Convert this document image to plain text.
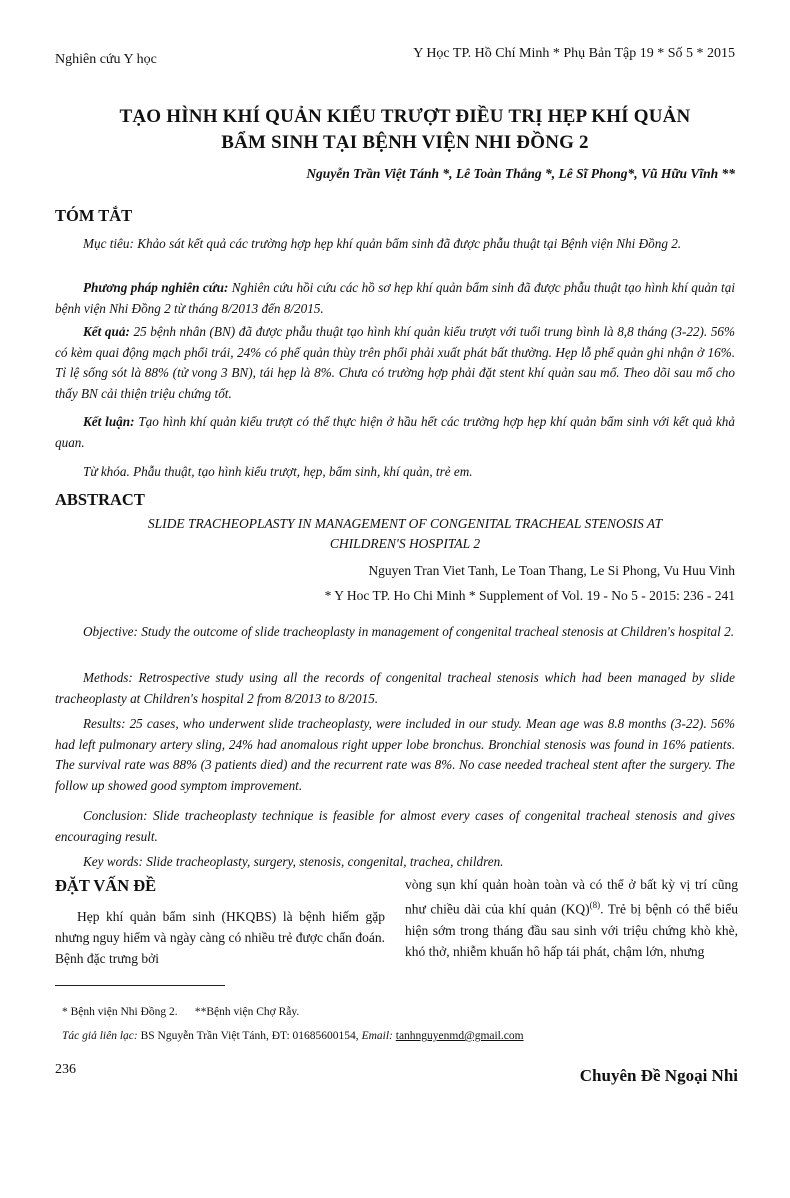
Nghiên cứu Y học	Y Học TP. Hồ Chí Minh * Phụ Bản Tập 19 * Số 5 * 2015
TẠO HÌNH KHÍ QUẢN KIỂU TRƯỢT ĐIỀU TRỊ HẸP KHÍ QUẢN
BẨM SINH TẠI BỆNH VIỆN NHI ĐỒNG 2
Nguyễn Trần Việt Tánh *, Lê Toàn Thắng *, Lê Sĩ Phong*, Vũ Hữu Vĩnh **
TÓM TẮT
Mục tiêu: Khảo sát kết quả các trường hợp hẹp khí quản bẩm sinh đã được phẫu thuật tại Bệnh viện Nhi Đồng 2.
Phương pháp nghiên cứu: Nghiên cứu hồi cứu các hồ sơ hẹp khí quản bẩm sinh đã được phẫu thuật tạo hình khí quản tại bệnh viện Nhi Đồng 2 từ tháng 8/2013 đến 8/2015.
Kết quả: 25 bệnh nhân (BN) đã được phẫu thuật tạo hình khí quản kiểu trượt với tuổi trung bình là 8,8 tháng (3-22). 56% có kèm quai động mạch phổi trái, 24% có phế quản thùy trên phổi phải xuất phát bất thường. Hẹp lỗ phế quản ghi nhận ở 16%. Tỉ lệ sống sót là 88% (tử vong 3 BN), tái hẹp là 8%. Chưa có trường hợp phải đặt stent khí quản sau mổ. Theo dõi sau mổ cho thấy BN cải thiện triệu chứng tốt.
Kết luận: Tạo hình khí quản kiểu trượt có thể thực hiện ở hầu hết các trường hợp hẹp khí quản bẩm sinh với kết quả khả quan.
Từ khóa. Phẫu thuật, tạo hình kiểu trượt, hẹp, bẩm sinh, khí quản, trẻ em.
ABSTRACT
SLIDE TRACHEOPLASTY IN MANAGEMENT OF CONGENITAL TRACHEAL STENOSIS AT
CHILDREN'S HOSPITAL 2
Nguyen Tran Viet Tanh, Le Toan Thang, Le Si Phong, Vu Huu Vinh
* Y Hoc TP. Ho Chi Minh * Supplement of Vol. 19 - No 5 - 2015: 236 - 241
Objective: Study the outcome of slide tracheoplasty in management of congenital tracheal stenosis at Children's hospital 2.
Methods: Retrospective study using all the records of congenital tracheal stenosis which had been managed by slide tracheoplasty at Children's hospital 2 from 8/2013 to 8/2015.
Results: 25 cases, who underwent slide tracheoplasty, were included in our study. Mean age was 8.8 months (3-22). 56% had left pulmonary artery sling, 24% had anomalous right upper lobe bronchus. Bronchial stenosis was found in 16% patients. The survival rate was 88% (3 patients died) and the recurrent rate was 8%. No case needed tracheal stent after the surgery. The follow up showed good symptom improvement.
Conclusion: Slide tracheoplasty technique is feasible for almost every cases of congenital tracheal stenosis and gives encouraging result.
Key words: Slide tracheoplasty, surgery, stenosis, congenital, trachea, children.
ĐẶT VẤN ĐỀ
Hẹp khí quản bẩm sinh (HKQBS) là bệnh hiếm gặp nhưng nguy hiểm và ngày càng có nhiều trẻ được chẩn đoán. Bệnh đặc trưng bởi
vòng sụn khí quản hoàn toàn và có thể ở bất kỳ vị trí cũng như chiều dài của khí quản (KQ)$^{(8)}$. Trẻ bị bệnh có thể biểu hiện sớm trong tháng đầu sau sinh với triệu chứng khò khè, khó thở, nhiễm khuẩn hô hấp tái phát, chậm lớn, nhưng
* Bệnh viện Nhi Đồng 2.      **Bệnh viện Chợ Rẫy.
Tác giả liên lạc: BS Nguyễn Trần Việt Tánh, ĐT: 01685600154, Email: tanhnguyenmd@gmail.com
236	Chuyên Đề Ngoại Nhi
